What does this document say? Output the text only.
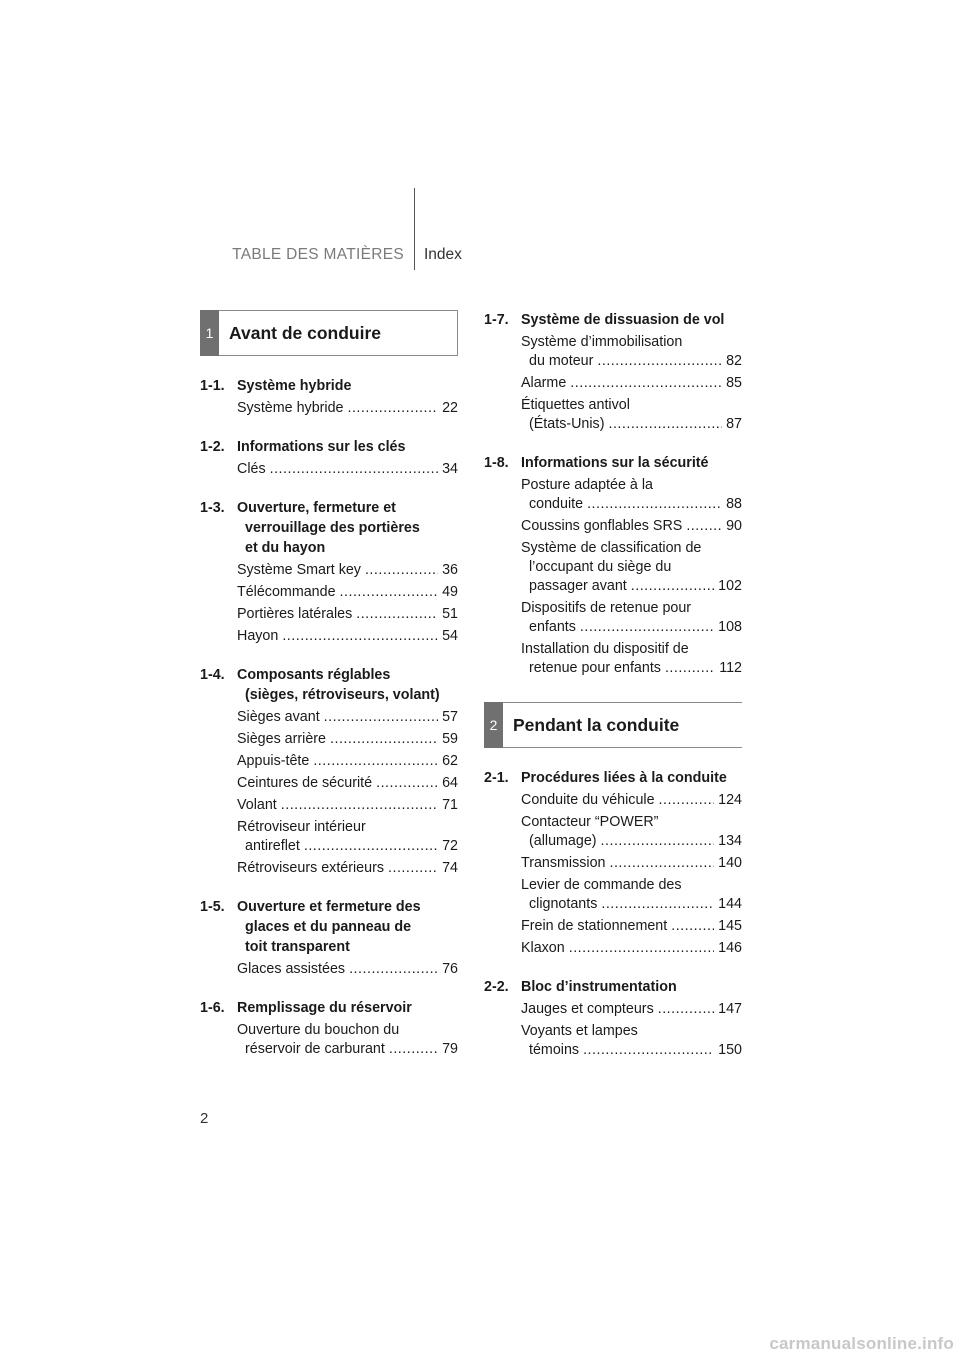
TABLE DES MATIÈRES Index
1 Avant de conduire
1-1. Système hybride
Système hybride .....	22
1-2. Informations sur les clés
Clés .....	34
1-3. Ouverture, fermeture et
verrouillage des portières
et du hayon
Système Smart key .....	36
Télécommande .....	49
Portières latérales .....	51
Hayon .....	54
1-4. Composants réglables
(sièges, rétroviseurs, volant)
Sièges avant .....	57
Sièges arrière .....	59
Appuis-tête .....	62
Ceintures de sécurité .....	64
Volant .....	71
Rétroviseur intérieur
antireflet .....	72
Rétroviseurs extérieurs .....	74
1-5. Ouverture et fermeture des
glaces et du panneau de
toit transparent
Glaces assistées .....	76
1-6. Remplissage du réservoir
Ouverture du bouchon du
réservoir de carburant .....	79
1-7. Système de dissuasion de vol
Système d’immobilisation
du moteur .....	82
Alarme .....	85
Étiquettes antivol
(États-Unis) .....	87
1-8. Informations sur la sécurité
Posture adaptée à la
conduite .....	88
Coussins gonflables SRS .....	90
Système de classification de
l’occupant du siège du
passager avant .....	102
Dispositifs de retenue pour
enfants .....	108
Installation du dispositif de
retenue pour enfants .....	112
2 Pendant la conduite
2-1. Procédures liées à la conduite
Conduite du véhicule .....	124
Contacteur “POWER”
(allumage) .....	134
Transmission .....	140
Levier de commande des
clignotants .....	144
Frein de stationnement .....	145
Klaxon .....	146
2-2. Bloc d’instrumentation
Jauges et compteurs .....	147
Voyants et lampes
témoins .....	150
2
carmanualsonline.info
